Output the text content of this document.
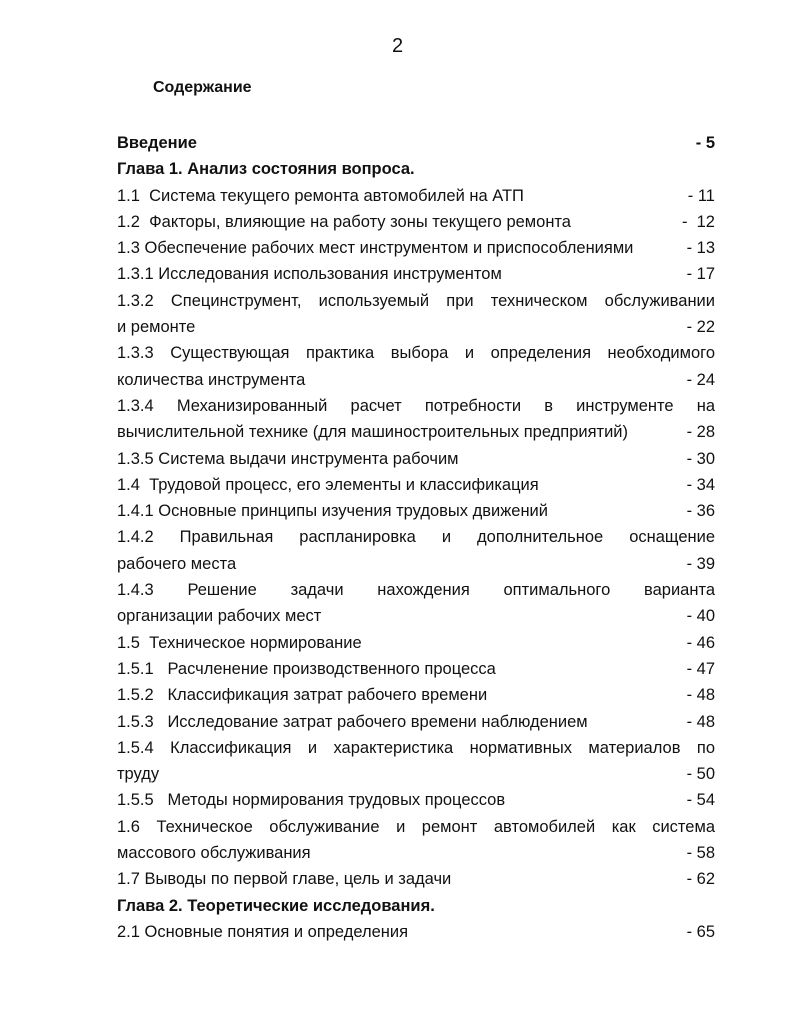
2
Содержание
Введение	- 5
Глава 1. Анализ состояния вопроса.
1.1  Система текущего ремонта автомобилей на АТП	- 11
1.2  Факторы, влияющие на работу зоны текущего ремонта	-  12
1.3 Обеспечение рабочих мест инструментом и приспособлениями	- 13
1.3.1 Исследования использования инструментом	- 17
1.3.2 Специнструмент, используемый при техническом обслуживании
и ремонте	- 22
1.3.3 Существующая практика выбора и определения необходимого
количества инструмента	- 24
1.3.4 Механизированный расчет потребности в инструменте на
вычислительной технике (для машиностроительных предприятий)	- 28
1.3.5 Система выдачи инструмента рабочим	- 30
1.4  Трудовой процесс, его элементы и классификация	- 34
1.4.1 Основные принципы изучения трудовых движений	- 36
1.4.2 Правильная распланировка и дополнительное оснащение
рабочего места	- 39
1.4.3 Решение задачи нахождения оптимального варианта
организации рабочих мест	- 40
1.5  Техническое нормирование	- 46
1.5.1   Расчленение производственного процесса	- 47
1.5.2   Классификация затрат рабочего времени	- 48
1.5.3   Исследование затрат рабочего времени наблюдением	- 48
1.5.4 Классификация и характеристика нормативных материалов по
труду	- 50
1.5.5   Методы нормирования трудовых процессов	- 54
1.6 Техническое обслуживание и ремонт автомобилей как система
массового обслуживания	- 58
1.7 Выводы по первой главе, цель и задачи	- 62
Глава 2. Теоретические исследования.
2.1 Основные понятия и определения	- 65
